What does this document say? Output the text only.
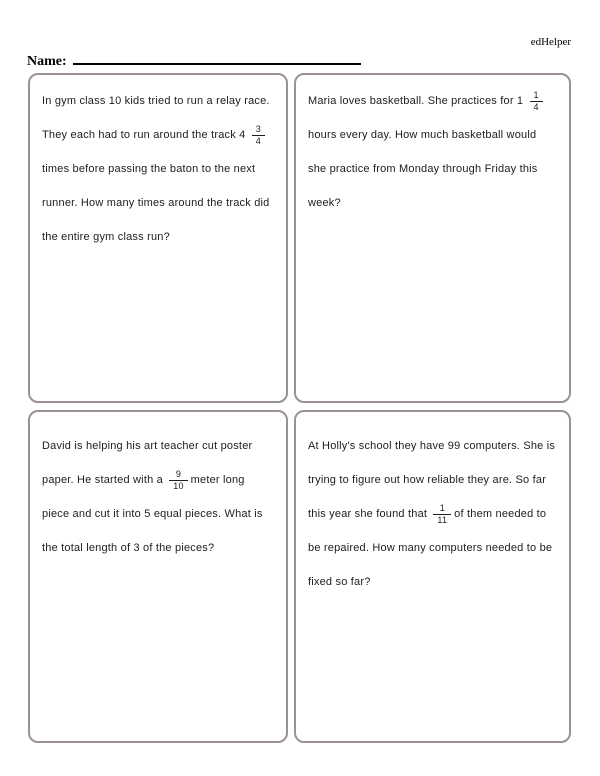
edHelper
Name:
In gym class 10 kids tried to run a relay race. They each had to run around the track $4 \frac{3}{4}$
times before passing the baton to the next runner. How many times around the track did the entire gym class run?
Maria loves basketball. She practices for $1 \frac{1}{4}$
hours every day. How much basketball would she practice from Monday through Friday this week?
David is helping his art teacher cut poster paper. He started with a $\frac{9}{10}$ meter long piece and cut it into 5 equal pieces. What is the total length of 3 of the pieces?
At Holly's school they have 99 computers. She is trying to figure out how reliable they are. So far this year she found that $\frac{1}{11}$ of them needed to be repaired. How many computers needed to be fixed so far?
